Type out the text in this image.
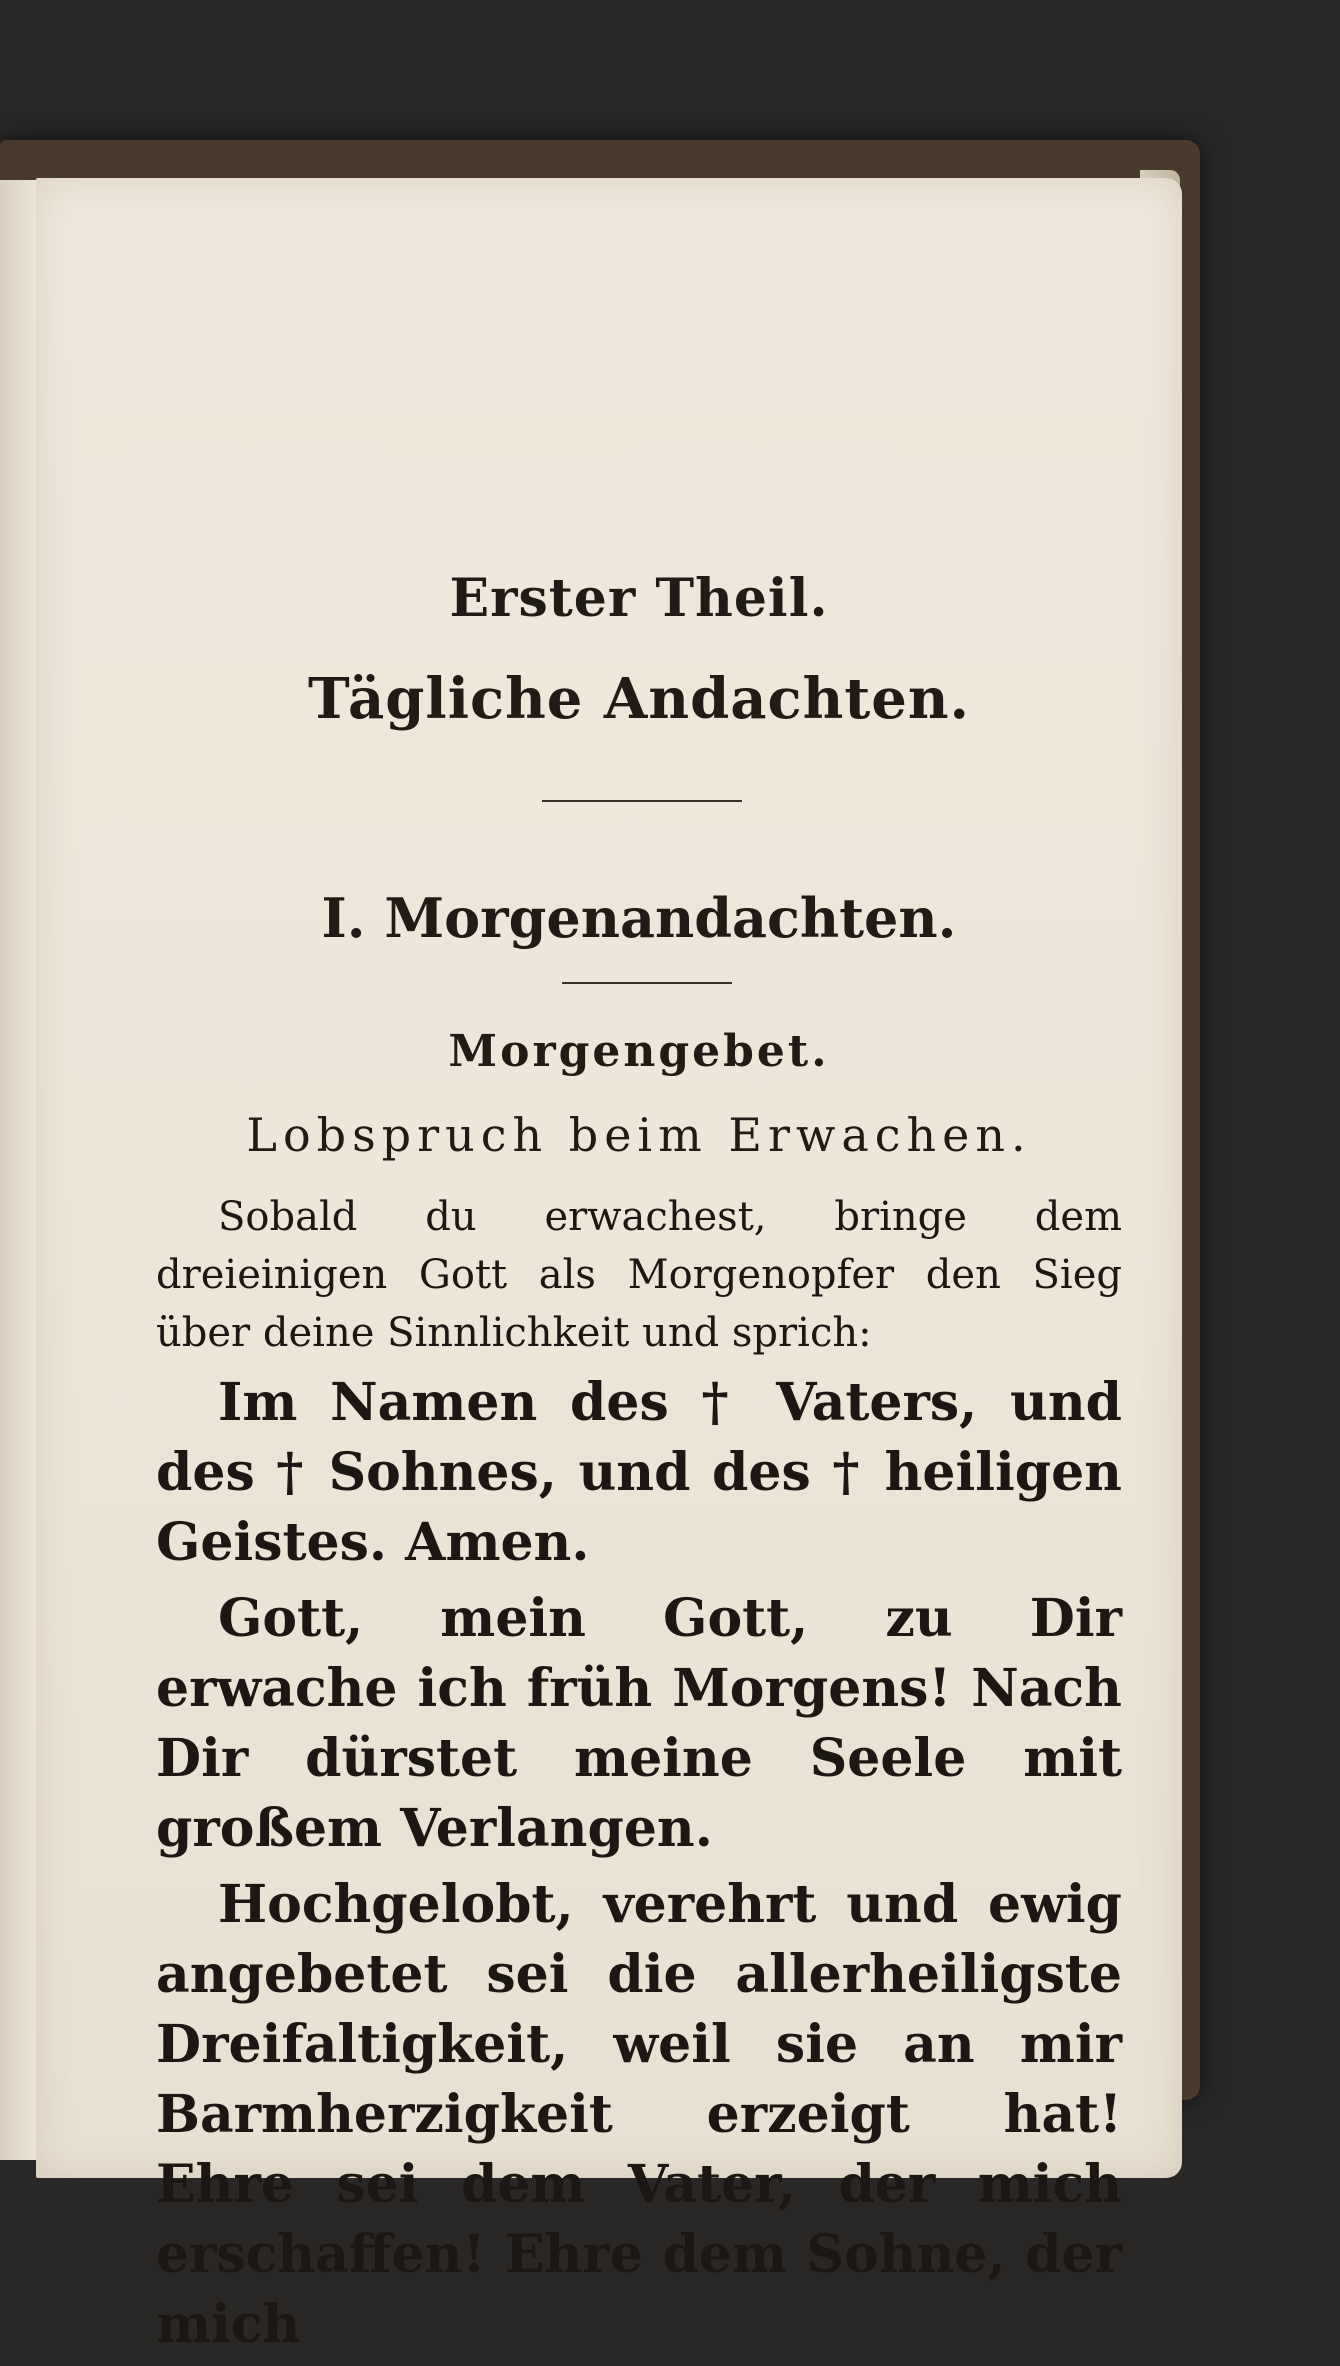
Erster Theil.
Tägliche Andachten.
I. Morgenandachten.
Morgengebet.
Lobspruch beim Erwachen.

Sobald du erwachest, bringe dem dreieinigen Gott als Morgenopfer den Sieg über deine Sinnlichkeit und sprich:

Im Namen des † Vaters, und des † Sohnes, und des † heiligen Geistes. Amen.

Gott, mein Gott, zu Dir erwache ich früh Morgens! Nach Dir dürstet meine Seele mit großem Verlangen.

Hochgelobt, verehrt und ewig angebetet sei die allerheiligste Dreifaltigkeit, weil sie an mir Barmherzigkeit erzeigt hat! Ehre sei dem Vater, der mich erschaffen! Ehre dem Sohne, der mich
